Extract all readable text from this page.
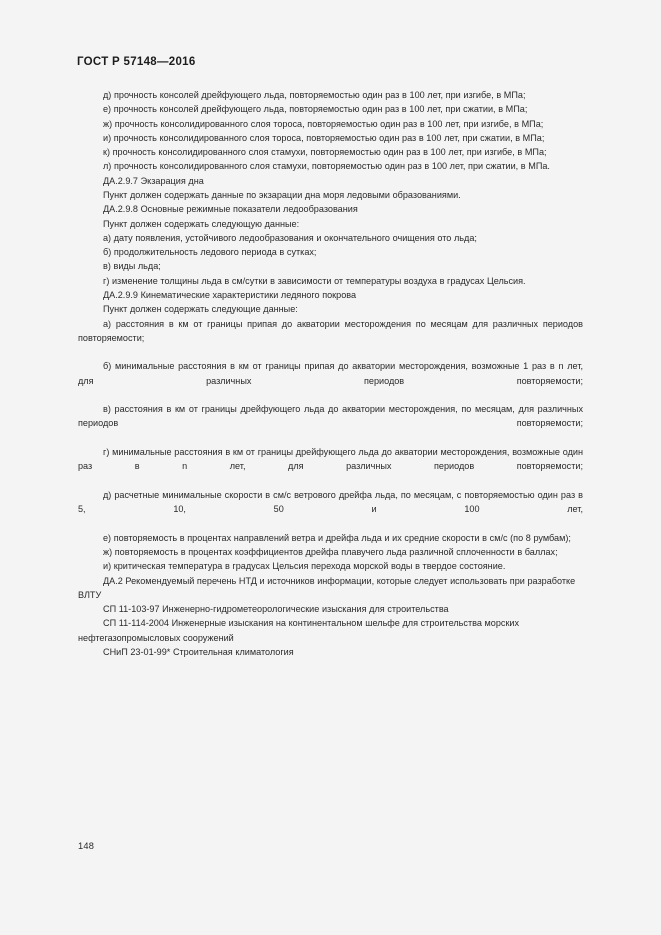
ГОСТ Р 57148—2016

д) прочность консолей дрейфующего льда, повторяемостью один раз в 100 лет, при изгибе, в МПа;

е) прочность консолей дрейфующего льда, повторяемостью один раз в 100 лет, при сжатии, в МПа;

ж) прочность консолидированного слоя тороса, повторяемостью один раз в 100 лет, при изгибе, в МПа;

и) прочность консолидированного слоя тороса, повторяемостью один раз в 100 лет, при сжатии, в МПа;

к) прочность консолидированного слоя стамухи, повторяемостью один раз в 100 лет, при изгибе, в МПа;

л) прочность консолидированного слоя стамухи, повторяемостью один раз в 100 лет, при сжатии, в МПа.

ДА.2.9.7 Экзарация дна

Пункт должен содержать данные по экзарации дна моря ледовыми образованиями.

ДА.2.9.8 Основные режимные показатели ледообразования

Пункт должен содержать следующую данные:

а) дату появления, устойчивого ледообразования и окончательного очищения ото льда;

б) продолжительность ледового периода в сутках;

в) виды льда;

г) изменение толщины льда в см/сутки в зависимости от температуры воздуха в градусах Цельсия.

ДА.2.9.9 Кинематические характеристики ледяного покрова

Пункт должен содержать следующие данные:

а) расстояния в км от границы припая до акватории месторождения по месяцам для различных периодов повторяемости;

б) минимальные расстояния в км от границы припая до акватории месторождения, возможные 1 раз в n лет, для различных периодов повторяемости;

в) расстояния в км от границы дрейфующего льда до акватории месторождения, по месяцам, для различных периодов повторяемости;

г) минимальные расстояния в км от границы дрейфующего льда до акватории месторождения, возможные один раз в n лет, для различных периодов повторяемости;

д) расчетные минимальные скорости в см/с ветрового дрейфа льда, по месяцам, с повторяемостью один раз в 5, 10, 50 и 100 лет,

е) повторяемость в процентах направлений ветра и дрейфа льда и их средние скорости в см/с (по 8 румбам);

ж) повторяемость в процентах коэффициентов дрейфа плавучего льда различной сплоченности в баллах;

и) критическая температура в градусах Цельсия перехода морской воды в твердое состояние.

ДА.2 Рекомендуемый перечень НТД и источников информации, которые следует использовать при разработке ВЛТУ

СП 11-103-97 Инженерно-гидрометеорологические изыскания для строительства

СП 11-114-2004 Инженерные изыскания на континентальном шельфе для строительства морских нефтегазопромысловых сооружений

СНиП 23-01-99* Строительная климатология

148
